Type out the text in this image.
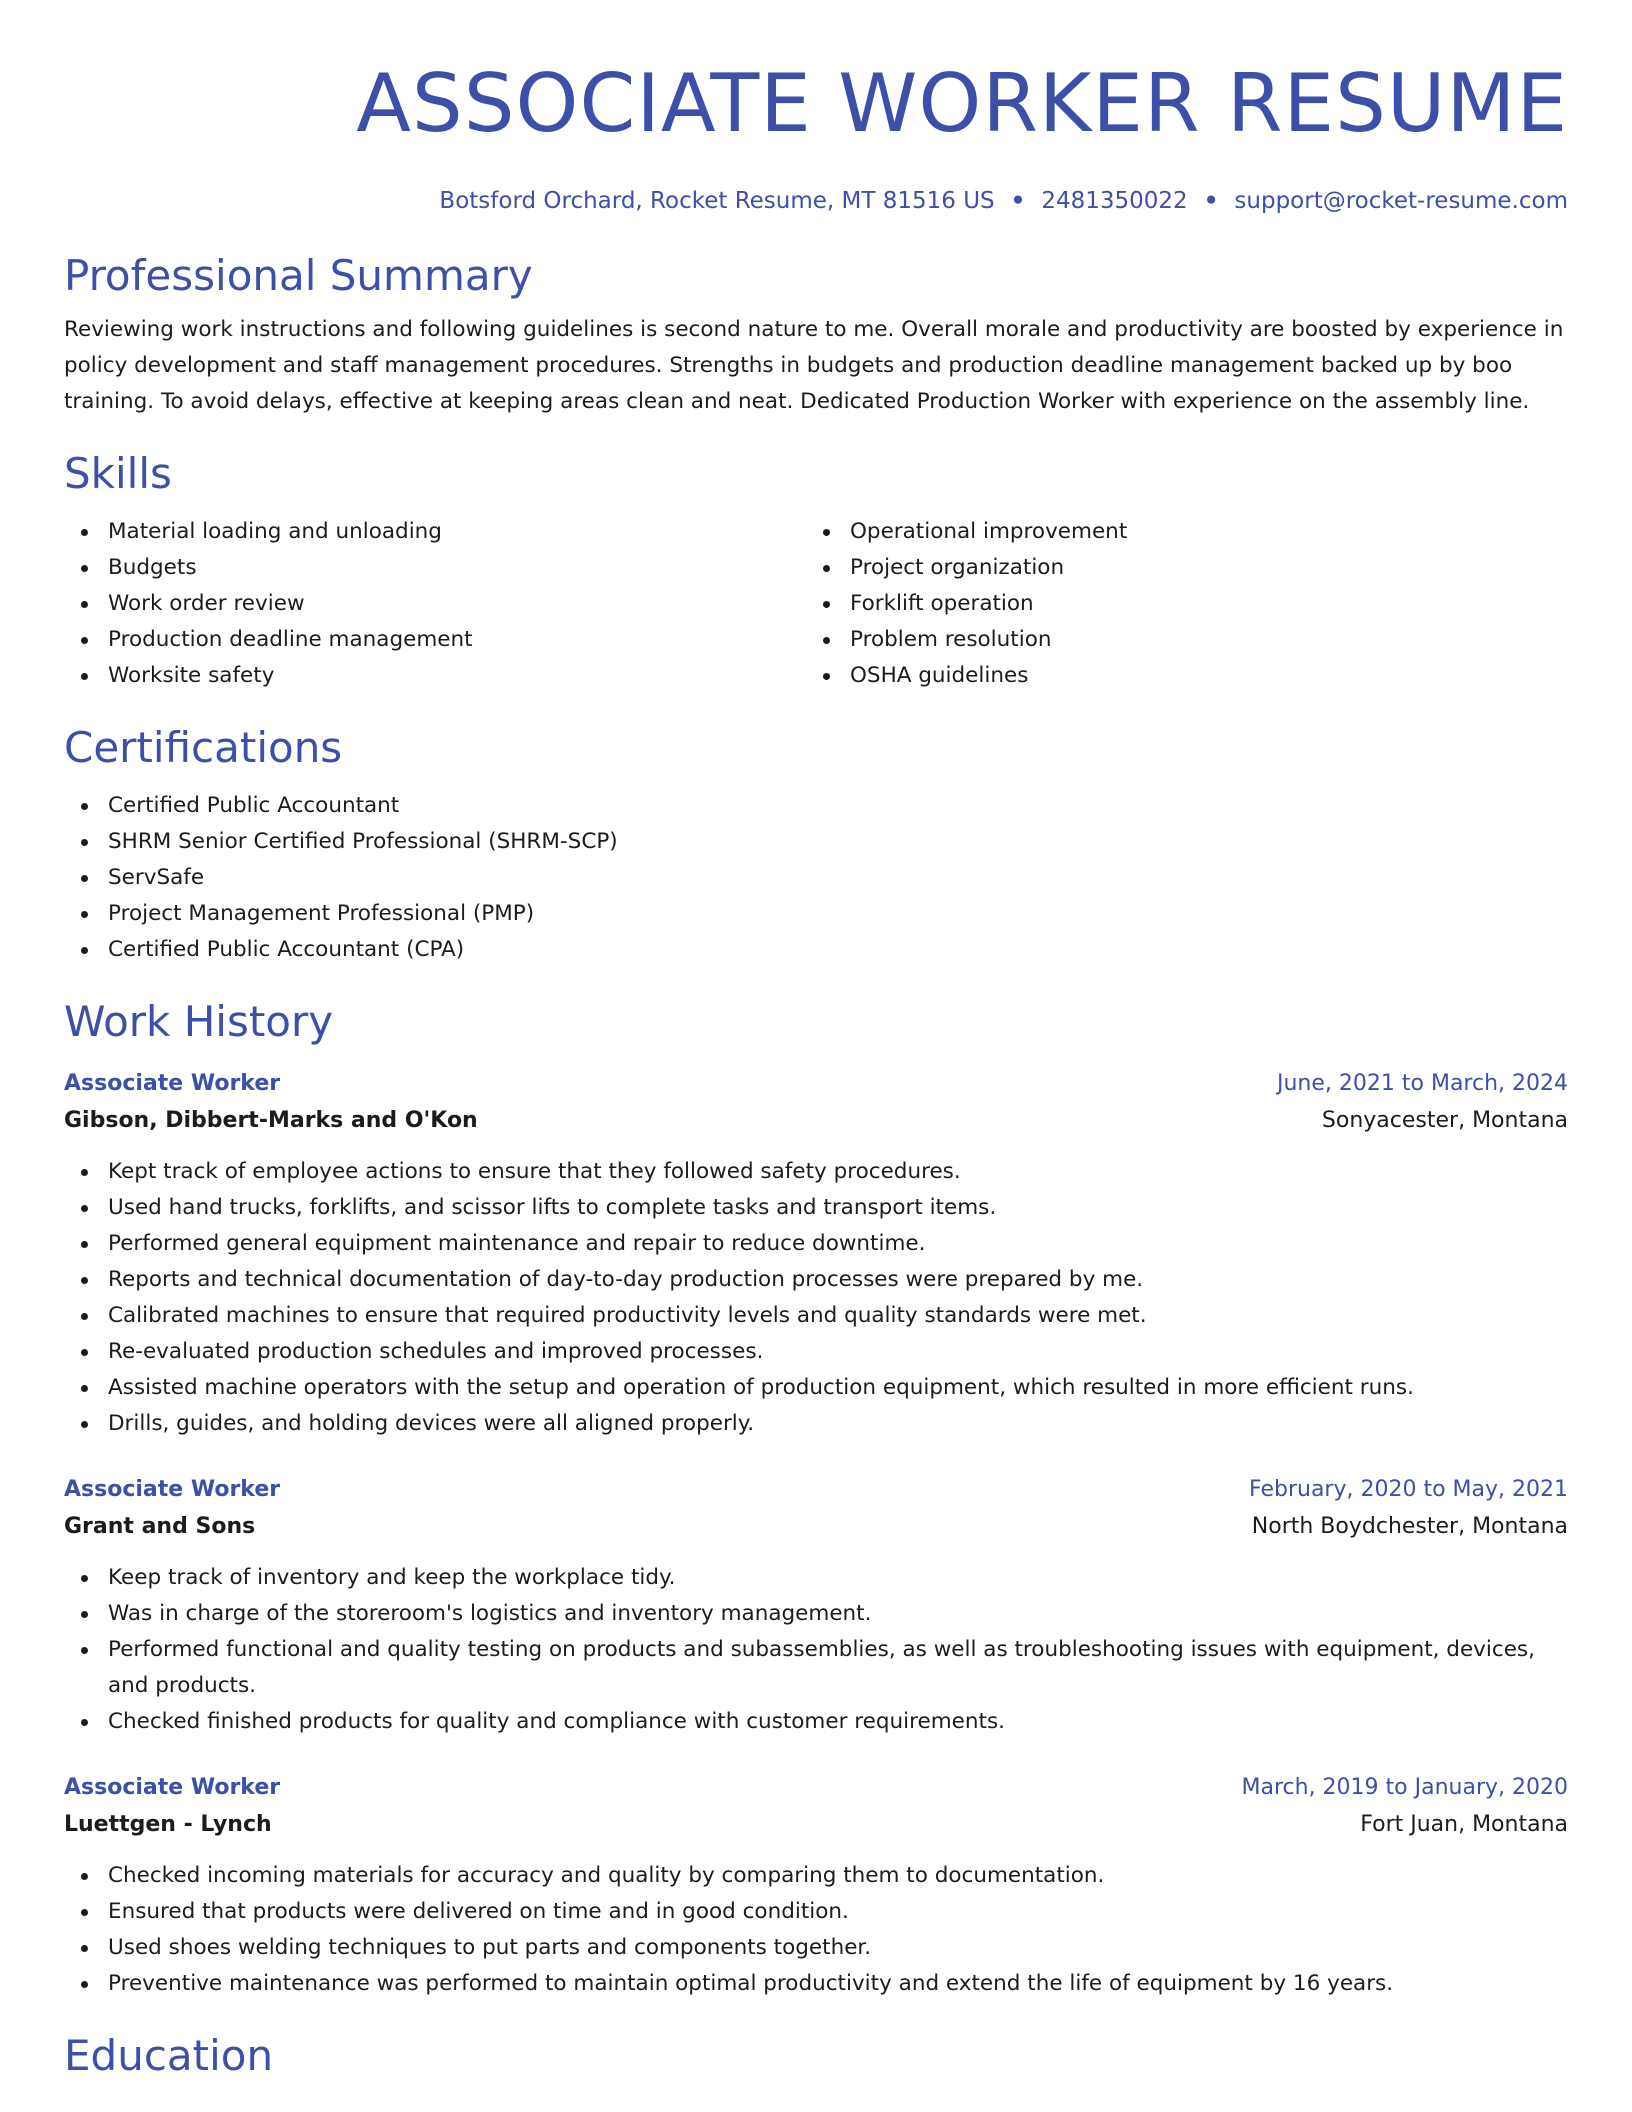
ASSOCIATE WORKER RESUME
Botsford Orchard, Rocket Resume, MT 81516 US • 2481350022 • support@rocket-resume.com
Professional Summary

Reviewing work instructions and following guidelines is second nature to me. Overall morale and productivity are boosted by experience in policy development and staff management procedures. Strengths in budgets and production deadline management backed up by boo training. To avoid delays, effective at keeping areas clean and neat. Dedicated Production Worker with experience on the assembly line.

Skills
Material loading and unloading
Budgets
Work order review
Production deadline management
Worksite safety
Operational improvement
Project organization
Forklift operation
Problem resolution
OSHA guidelines
Certifications
Certified Public Accountant
SHRM Senior Certified Professional (SHRM-SCP)
ServSafe
Project Management Professional (PMP)
Certified Public Accountant (CPA)
Work History
Associate Worker	June, 2021 to March, 2024
Gibson, Dibbert-Marks and O'Kon	Sonyacester, Montana
Kept track of employee actions to ensure that they followed safety procedures.
Used hand trucks, forklifts, and scissor lifts to complete tasks and transport items.
Performed general equipment maintenance and repair to reduce downtime.
Reports and technical documentation of day-to-day production processes were prepared by me.
Calibrated machines to ensure that required productivity levels and quality standards were met.
Re-evaluated production schedules and improved processes.
Assisted machine operators with the setup and operation of production equipment, which resulted in more efficient runs.
Drills, guides, and holding devices were all aligned properly.
Associate Worker	February, 2020 to May, 2021
Grant and Sons	North Boydchester, Montana
Keep track of inventory and keep the workplace tidy.
Was in charge of the storeroom's logistics and inventory management.
Performed functional and quality testing on products and subassemblies, as well as troubleshooting issues with equipment, devices, and products.
Checked finished products for quality and compliance with customer requirements.
Associate Worker	March, 2019 to January, 2020
Luettgen - Lynch	Fort Juan, Montana
Checked incoming materials for accuracy and quality by comparing them to documentation.
Ensured that products were delivered on time and in good condition.
Used shoes welding techniques to put parts and components together.
Preventive maintenance was performed to maintain optimal productivity and extend the life of equipment by 16 years.
Education
